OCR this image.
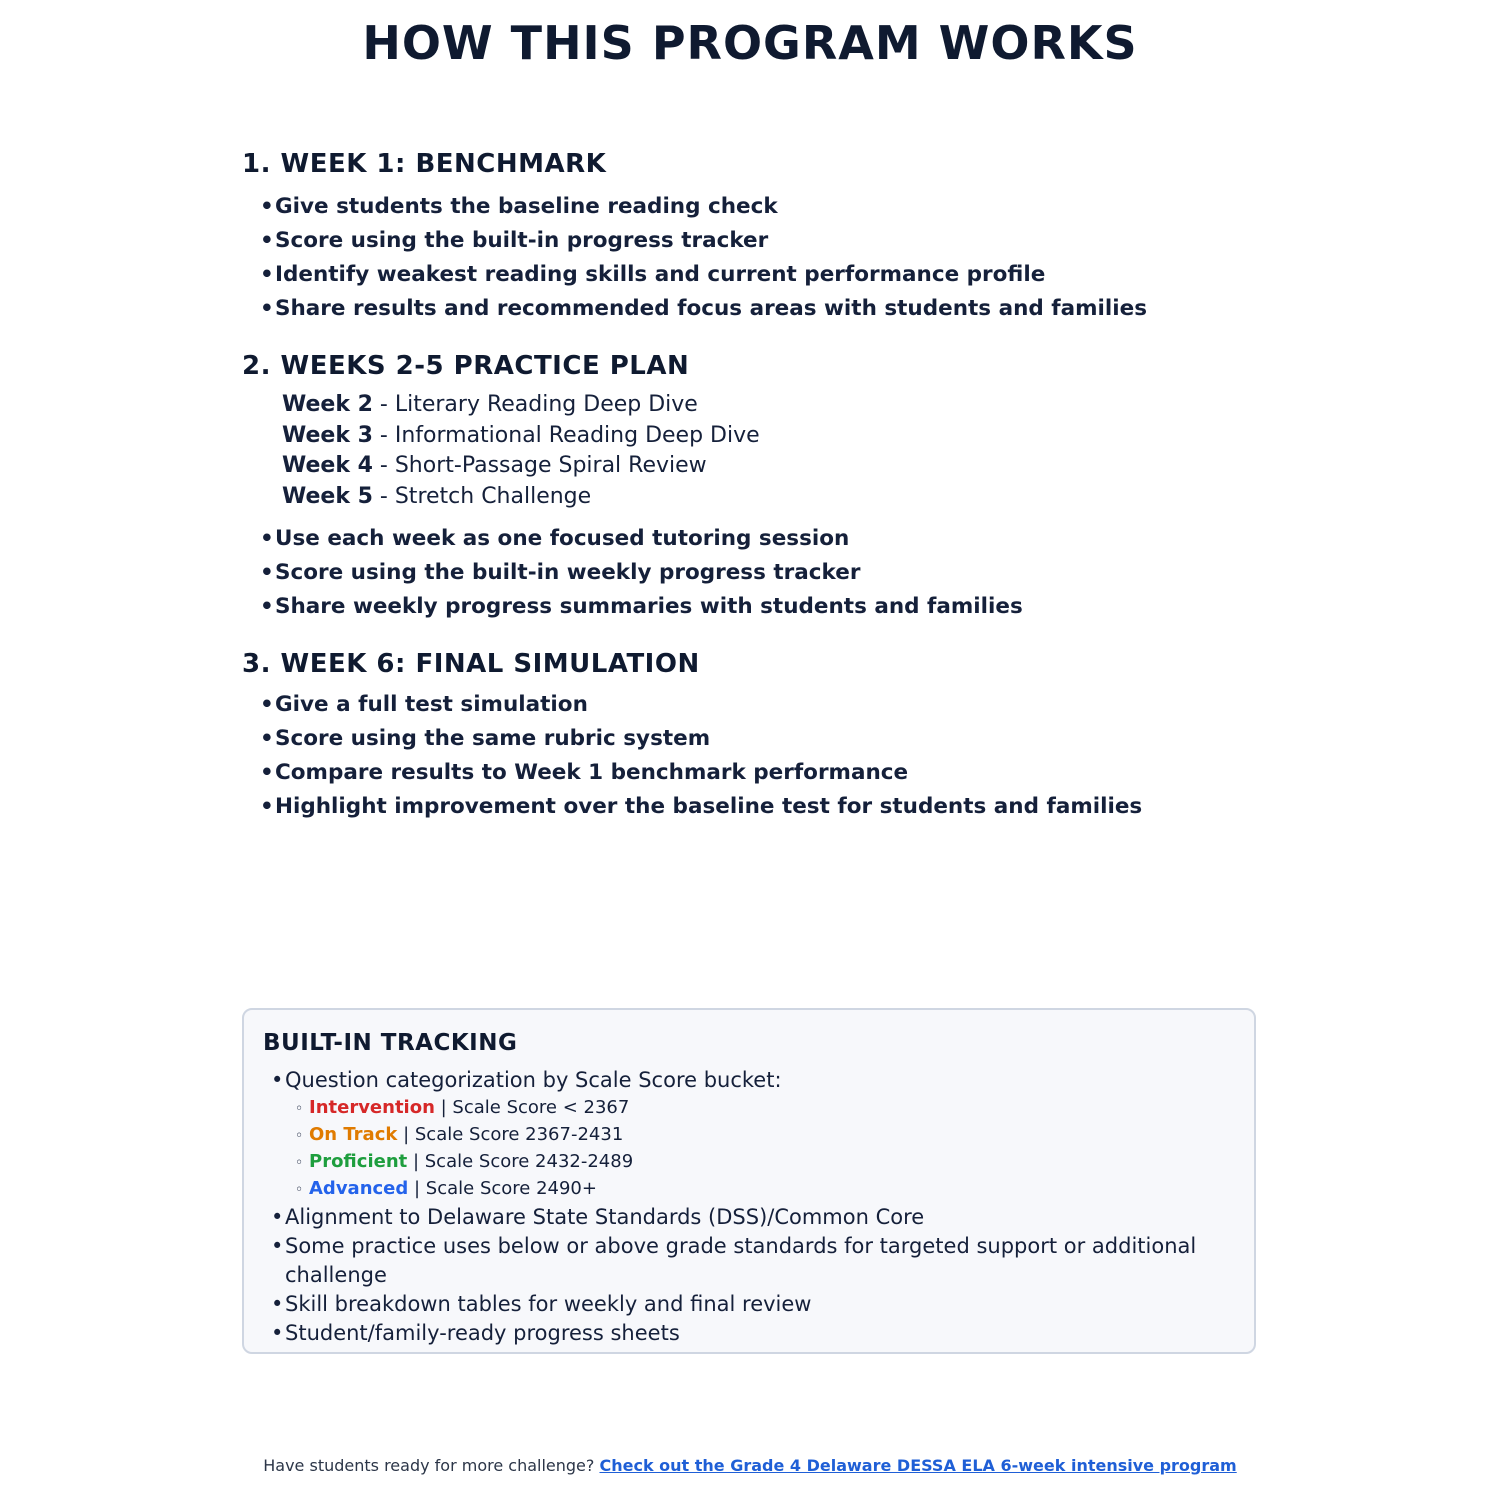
HOW THIS PROGRAM WORKS
1. WEEK 1: BENCHMARK
• Give students the baseline reading check
• Score using the built-in progress tracker
• Identify weakest reading skills and current performance profile
• Share results and recommended focus areas with students and families
2. WEEKS 2-5 PRACTICE PLAN
Week 2 - Literary Reading Deep Dive
Week 3 - Informational Reading Deep Dive
Week 4 - Short-Passage Spiral Review
Week 5 - Stretch Challenge
• Use each week as one focused tutoring session
• Score using the built-in weekly progress tracker
• Share weekly progress summaries with students and families
3. WEEK 6: FINAL SIMULATION
• Give a full test simulation
• Score using the same rubric system
• Compare results to Week 1 benchmark performance
• Highlight improvement over the baseline test for students and families
BUILT-IN TRACKING
• Question categorization by Scale Score bucket:
◦ Intervention | Scale Score < 2367
◦ On Track | Scale Score 2367-2431
◦ Proficient | Scale Score 2432-2489
◦ Advanced | Scale Score 2490+
• Alignment to Delaware State Standards (DSS)/Common Core
• Some practice uses below or above grade standards for targeted support or additional challenge
• Skill breakdown tables for weekly and final review
• Student/family-ready progress sheets
Have students ready for more challenge? Check out the Grade 4 Delaware DESSA ELA 6-week intensive program
